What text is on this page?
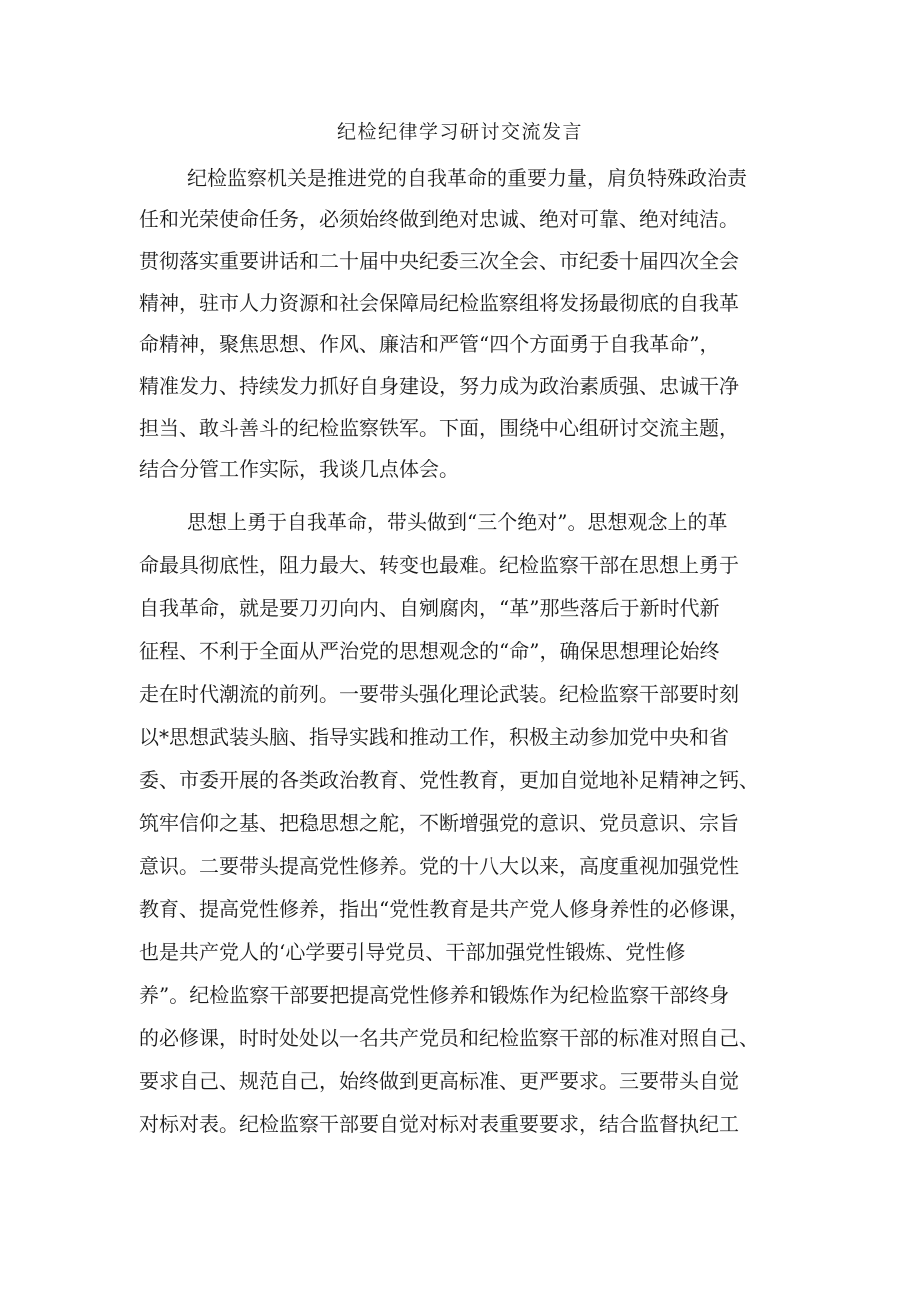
纪检纪律学习研讨交流发言
纪检监察机关是推进党的自我革命的重要力量，肩负特殊政治责
任和光荣使命任务，必须始终做到绝对忠诚、绝对可靠、绝对纯洁。
贯彻落实重要讲话和二十届中央纪委三次全会、市纪委十届四次全会
精神，驻市人力资源和社会保障局纪检监察组将发扬最彻底的自我革
命精神，聚焦思想、作风、廉洁和严管“四个方面勇于自我革命”，
精准发力、持续发力抓好自身建设，努力成为政治素质强、忠诚干净
担当、敢斗善斗的纪检监察铁军。下面，围绕中心组研讨交流主题，
结合分管工作实际，我谈几点体会。
思想上勇于自我革命，带头做到“三个绝对”。思想观念上的革
命最具彻底性，阻力最大、转变也最难。纪检监察干部在思想上勇于
自我革命，就是要刀刃向内、自剜腐肉，“革”那些落后于新时代新
征程、不利于全面从严治党的思想观念的“命”，确保思想理论始终
走在时代潮流的前列。一要带头强化理论武装。纪检监察干部要时刻
以*思想武装头脑、指导实践和推动工作，积极主动参加党中央和省
委、市委开展的各类政治教育、党性教育，更加自觉地补足精神之钙、
筑牢信仰之基、把稳思想之舵，不断增强党的意识、党员意识、宗旨
意识。二要带头提高党性修养。党的十八大以来，高度重视加强党性
教育、提高党性修养，指出“党性教育是共产党人修身养性的必修课，
也是共产党人的‘心学要引导党员、干部加强党性锻炼、党性修
养”。纪检监察干部要把提高党性修养和锻炼作为纪检监察干部终身
的必修课，时时处处以一名共产党员和纪检监察干部的标准对照自己、
要求自己、规范自己，始终做到更高标准、更严要求。三要带头自觉
对标对表。纪检监察干部要自觉对标对表重要要求，结合监督执纪工
